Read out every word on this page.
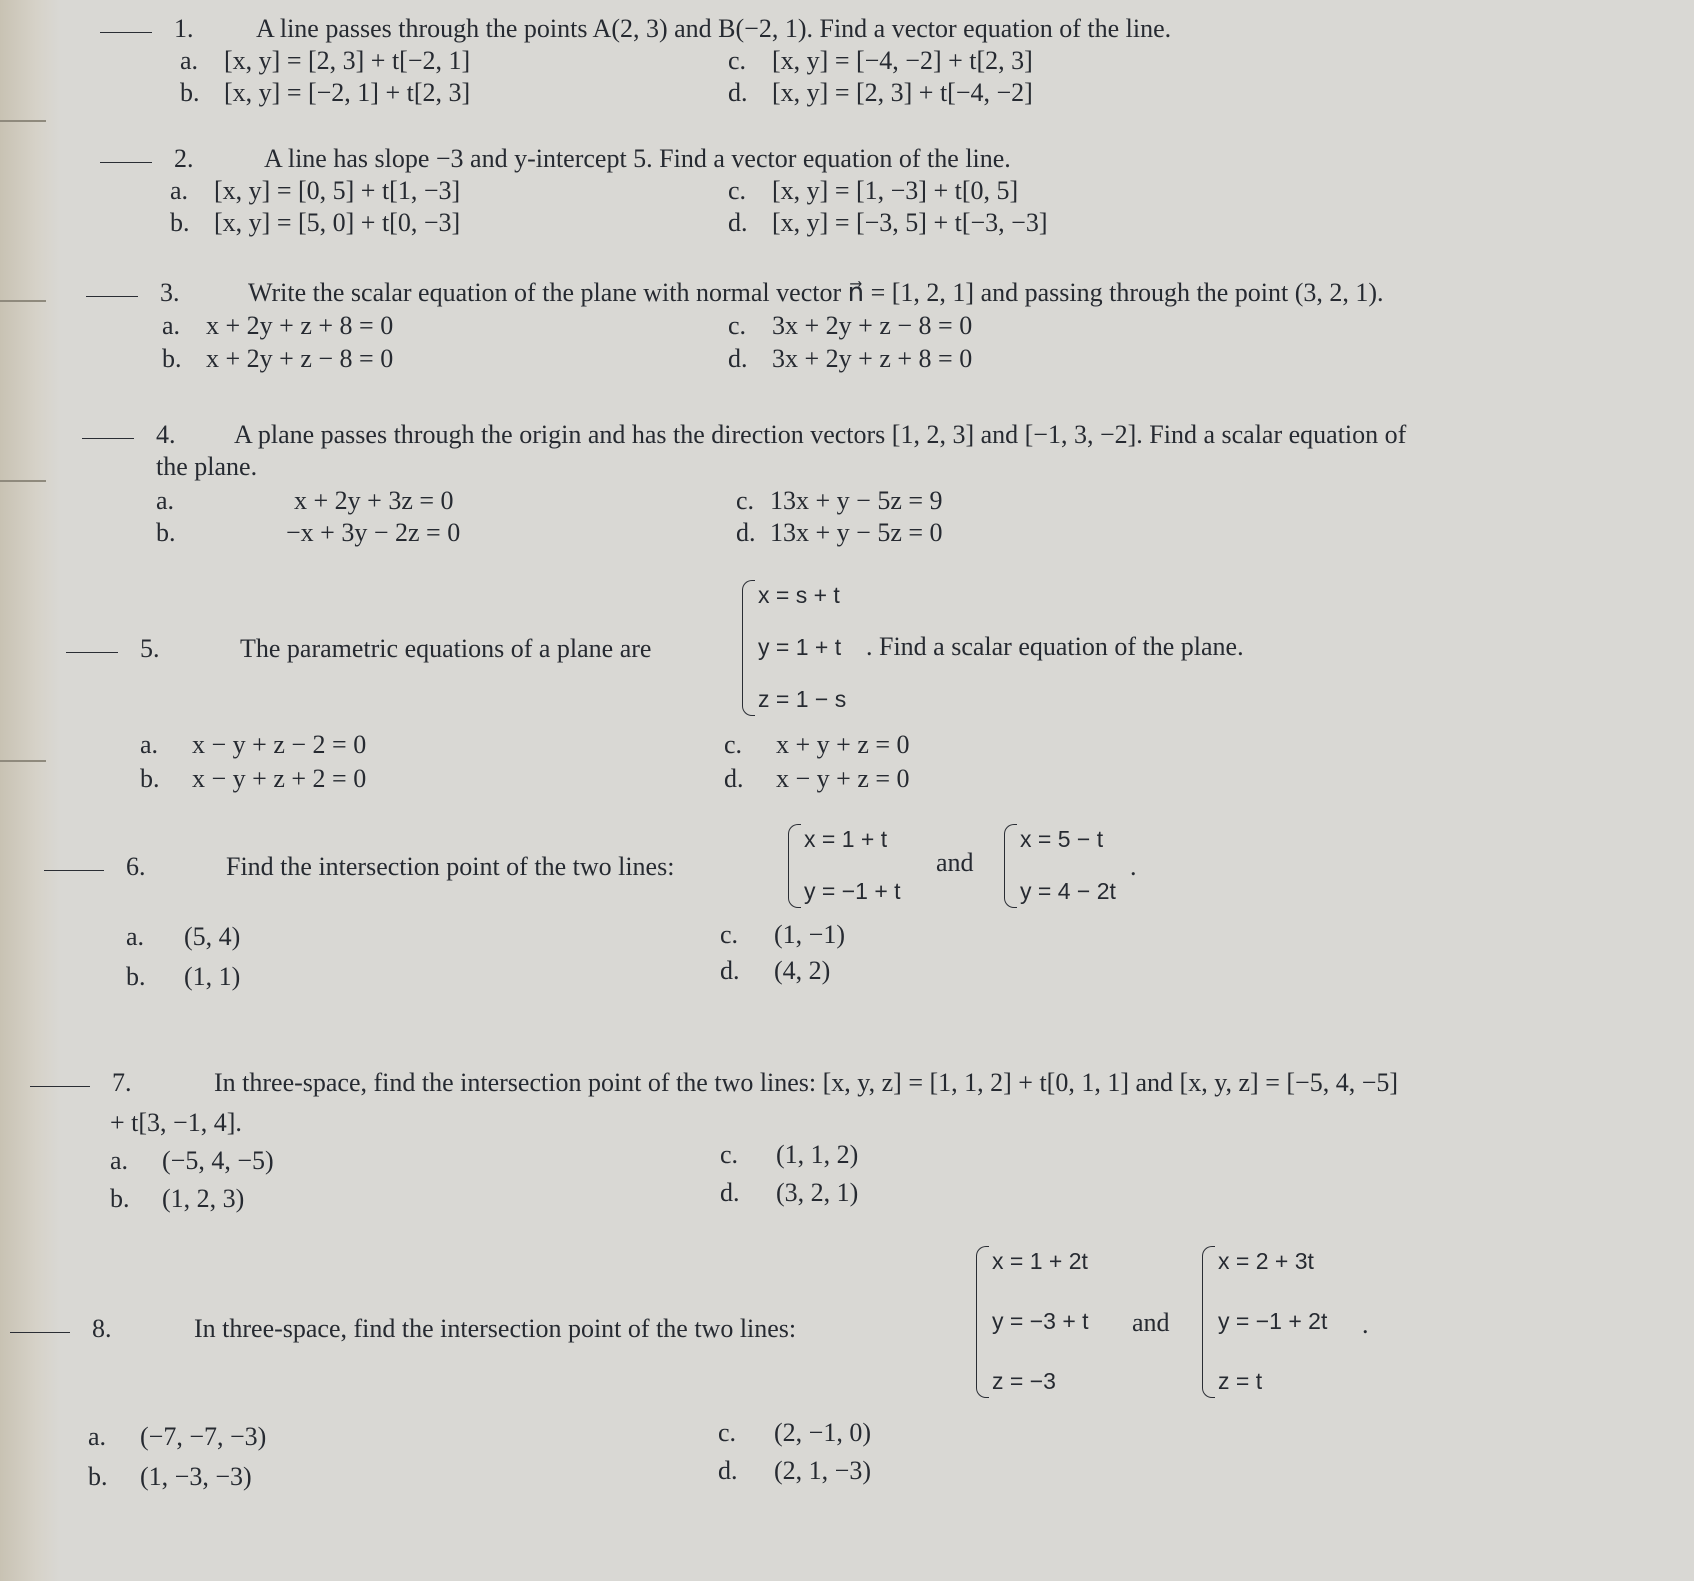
1. A line passes through the points A(2, 3) and B(−2, 1). Find a vector equation of the line.
a. [x, y] = [2, 3] + t[−2, 1]
b. [x, y] = [−2, 1] + t[2, 3]
c. [x, y] = [−4, −2] + t[2, 3]
d. [x, y] = [2, 3] + t[−4, −2]
2.	A line has slope −3 and y-intercept 5. Find a vector equation of the line.
a. [x, y] = [0, 5] + t[1, −3]
b. [x, y] = [5, 0] + t[0, −3]
c. [x, y] = [1, −3] + t[0, 5]
d. [x, y] = [−3, 5] + t[−3, −3]
3.	Write the scalar equation of the plane with normal vector n⃗ = [1, 2, 1] and passing through the point (3, 2, 1).
a. x + 2y + z + 8 = 0
b. x + 2y + z − 8 = 0
c. 3x + 2y + z − 8 = 0
d. 3x + 2y + z + 8 = 0
4. A plane passes through the origin and has the direction vectors [1, 2, 3] and [−1, 3, −2]. Find a scalar equation of
the plane.
a.	x + 2y + 3z = 0
b.	−x + 3y − 2z = 0
c. 13x + y − 5z = 9
d. 13x + y − 5z = 0
5.	The parametric equations of a plane are
x = s + t
y = 1 + t
z = 1 − s
. Find a scalar equation of the plane.
a. x − y + z − 2 = 0
b. x − y + z + 2 = 0
c. x + y + z = 0
d. x − y + z = 0
6.	Find the intersection point of the two lines:
x = 1 + t
y = −1 + t
and
x = 5 − t
y = 4 − 2t
.
a. (5, 4)
b. (1, 1)
c. (1, −1)
d. (4, 2)
7.	In three-space, find the intersection point of the two lines: [x, y, z] = [1, 1, 2] + t[0, 1, 1] and [x, y, z] = [−5, 4, −5]
+ t[3, −1, 4].
a. (−5, 4, −5)
b. (1, 2, 3)
c. (1, 1, 2)
d. (3, 2, 1)
8.	In three-space, find the intersection point of the two lines:
x = 1 + 2t
y = −3 + t
z = −3
and
x = 2 + 3t
y = −1 + 2t
z = t
.
a. (−7, −7, −3)
b. (1, −3, −3)
c. (2, −1, 0)
d. (2, 1, −3)
